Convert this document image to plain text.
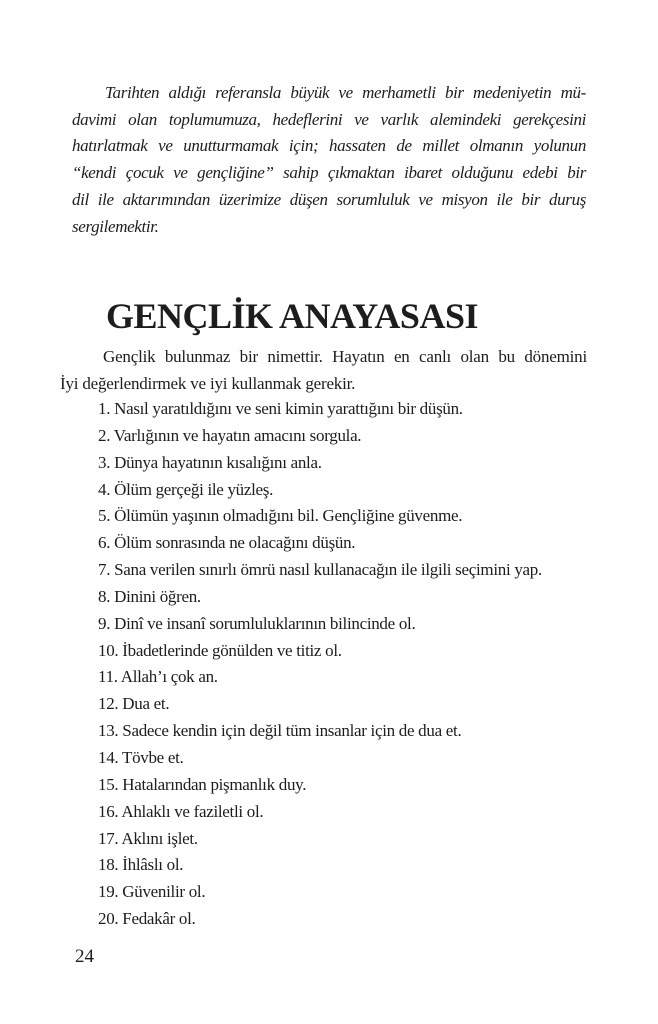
Tarihten aldığı referansla büyük ve merhametli bir medeniyetin mü-
davimi olan toplumumuza, hedeflerini ve varlık alemindeki gerekçesini
hatırlatmak ve unutturmamak için; hassaten de millet olmanın yolunun
“kendi çocuk ve gençliğine” sahip çıkmaktan ibaret olduğunu edebi bir
dil ile aktarımından üzerimize düşen sorumluluk ve misyon ile bir duruş
sergilemektir.
GENÇLİK ANAYASASI
Gençlik bulunmaz bir nimettir. Hayatın en canlı olan bu dönemini
İyi değerlendirmek ve iyi kullanmak gerekir.
1. Nasıl yaratıldığını ve seni kimin yarattığını bir düşün.
2. Varlığının ve hayatın amacını sorgula.
3. Dünya hayatının kısalığını anla.
4. Ölüm gerçeği ile yüzleş.
5. Ölümün yaşının olmadığını bil. Gençliğine güvenme.
6. Ölüm sonrasında ne olacağını düşün.
7. Sana verilen sınırlı ömrü nasıl kullanacağın ile ilgili seçimini yap.
8. Dinini öğren.
9. Dinî ve insanî sorumluluklarının bilincinde ol.
10. İbadetlerinde gönülden ve titiz ol.
11. Allah’ı çok an.
12. Dua et.
13. Sadece kendin için değil tüm insanlar için de dua et.
14. Tövbe et.
15. Hatalarından pişmanlık duy.
16. Ahlaklı ve faziletli ol.
17. Aklını işlet.
18. İhlâslı ol.
19. Güvenilir ol.
20. Fedakâr ol.
24
